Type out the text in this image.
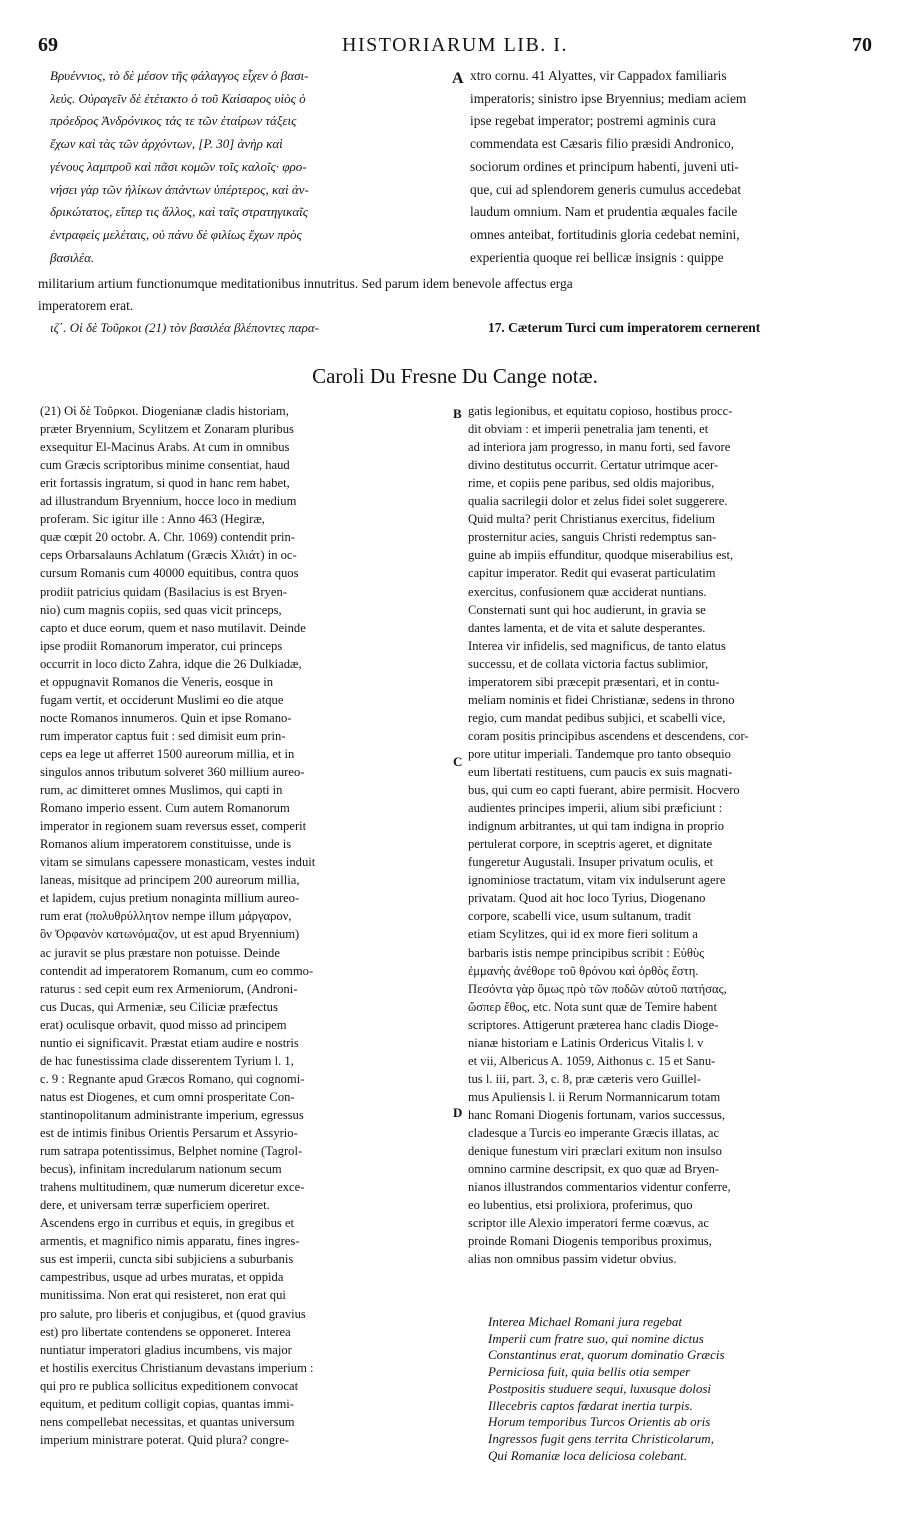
69	HISTORIARUM LIB. I.	70
Βρυέννιος, τὸ δὲ μέσον τῆς φάλαγγος εἶχεν ὁ βασι-
λεύς. Οὐραγεῖν δὲ ἐτέτακτο ὁ τοῦ Καίσαρος υἱὸς ὁ
πρόεδρος Ἀνδρόνικος τάς τε τῶν ἑταίρων τάξεις
ἔχων καὶ τὰς τῶν ἀρχόντων, [P. 30] ἀνὴρ καὶ
γένους λαμπροῦ καὶ πᾶσι κομῶν τοῖς καλοῖς· φρο-
νήσει γὰρ τῶν ἡλίκων ἁπάντων ὑπέρτερος, καὶ ἀν-
δρικώτατος, εἴπερ τις ἄλλος, καὶ ταῖς στρατηγικαῖς
ἐντραφεὶς μελέταις, οὐ πάνυ δὲ φιλίως ἔχων πρὸς
βασιλέα.
xtro cornu. 41 Alyattes, vir Cappadox familiaris
imperatoris; sinistro ipse Bryennius; mediam aciem
ipse regebat imperator; postremi agminis cura
commendata est Cæsaris filio præsidi Andronico,
sociorum ordines et principum habenti, juveni uti-
que, cui ad splendorem generis cumulus accedebat
laudum omnium. Nam et prudentia æquales facile
omnes anteibat, fortitudinis gloria cedebat nemini,
experientia quoque rei bellicæ insignis : quippe
militarium artium functionumque meditationibus innutritus. Sed parum idem benevole affectus erga
imperatorem erat.
A
B
C
D
ιζ΄. Οἱ δὲ Τοῦρκοι (21) τὸν βασιλέα βλέποντες παρα-	17. Cæterum Turci cum imperatorem cernerent
Caroli Du Fresne Du Cange notæ.
(21) Οἱ δὲ Τοῦρκοι. Diogenianæ cladis historiam,
præter Bryennium, Scylitzem et Zonaram pluribus
exsequitur El-Macinus Arabs. At cum in omnibus
cum Græcis scriptoribus minime consentiat, haud
erit fortassis ingratum, si quod in hanc rem habet,
ad illustrandum Bryennium, hocce loco in medium
proferam. Sic igitur ille : Anno 463 (Hegiræ,
quæ cœpit 20 octobr. A. Chr. 1069) contendit prin-
ceps Orbarsalauns Achlatum (Græcis Χλιάτ) in oc-
cursum Romanis cum 40000 equitibus, contra quos
prodiit patricius quidam (Basilacius is est Bryen-
nio) cum magnis copiis, sed quas vicit princeps,
capto et duce eorum, quem et naso mutilavit. Deinde
ipse prodiit Romanorum imperator, cui princeps
occurrit in loco dicto Zahra, idque die 26 Dulkiadæ,
et oppugnavit Romanos die Veneris, eosque in
fugam vertit, et occiderunt Muslimi eo die atque
nocte Romanos innumeros. Quin et ipse Romano-
rum imperator captus fuit : sed dimisit eum prin-
ceps ea lege ut afferret 1500 aureorum millia, et in
singulos annos tributum solveret 360 millium aureo-
rum, ac dimitteret omnes Muslimos, qui capti in
Romano imperio essent. Cum autem Romanorum
imperator in regionem suam reversus esset, comperit
Romanos alium imperatorem constituisse, unde is
vitam se simulans capessere monasticam, vestes induit
laneas, misitque ad principem 200 aureorum millia,
et lapidem, cujus pretium nonaginta millium aureo-
rum erat (πολυθρύλλητον nempe illum μάργαρον,
ὃν Ὀρφανὸν κατωνόμαζον, ut est apud Bryennium)
ac juravit se plus præstare non potuisse. Deinde
contendit ad imperatorem Romanum, cum eo commo-
raturus : sed cepit eum rex Armeniorum, (Androni-
cus Ducas, qui Armeniæ, seu Ciliciæ præfectus
erat) oculisque orbavit, quod misso ad principem
nuntio ei significavit. Præstat etiam audire e nostris
de hac funestissima clade disserentem Tyrium l. 1,
c. 9 : Regnante apud Græcos Romano, qui cognomi-
natus est Diogenes, et cum omni prosperitate Con-
stantinopolitanum administrante imperium, egressus
est de intimis finibus Orientis Persarum et Assyrio-
rum satrapa potentissimus, Belphet nomine (Tagrol-
becus), infinitam incredularum nationum secum
trahens multitudinem, quæ numerum diceretur exce-
dere, et universam terræ superficiem operiret.
Ascendens ergo in curribus et equis, in gregibus et
armentis, et magnifico nimis apparatu, fines ingres-
sus est imperii, cuncta sibi subjiciens a suburbanis
campestribus, usque ad urbes muratas, et oppida
munitissima. Non erat qui resisteret, non erat qui
pro salute, pro liberis et conjugibus, et (quod gravius
est) pro libertate contendens se opponeret. Interea
nuntiatur imperatori gladius incumbens, vis major
et hostilis exercitus Christianum devastans imperium :
qui pro re publica sollicitus expeditionem convocat
equitum, et peditum colligit copias, quantas immi-
nens compellebat necessitas, et quantas universum
imperium ministrare poterat. Quid plura? congre-
gatis legionibus, et equitatu copioso, hostibus procc-
dit obviam : et imperii penetralia jam tenenti, et
ad interiora jam progresso, in manu forti, sed favore
divino destitutus occurrit. Certatur utrimque acer-
rime, et copiis pene paribus, sed oldis majoribus,
qualia sacrilegii dolor et zelus fidei solet suggerere.
Quid multa? perit Christianus exercitus, fidelium
prosternitur acies, sanguis Christi redemptus san-
guine ab impiis effunditur, quodque miserabilius est,
capitur imperator. Redit qui evaserat particulatim
exercitus, confusionem quæ acciderat nuntians.
Consternati sunt qui hoc audierunt, in gravia se
dantes lamenta, et de vita et salute desperantes.
Interea vir infidelis, sed magnificus, de tanto elatus
successu, et de collata victoria factus sublimior,
imperatorem sibi præcepit præsentari, et in contu-
meliam nominis et fidei Christianæ, sedens in throno
regio, cum mandat pedibus subjici, et scabelli vice,
coram positis principibus ascendens et descendens, cor-
pore utitur imperiali. Tandemque pro tanto obsequio
eum libertati restituens, cum paucis ex suis magnati-
bus, qui cum eo capti fuerant, abire permisit. Hocvero
audientes principes imperii, alium sibi præficiunt :
indignum arbitrantes, ut qui tam indigna in proprio
pertulerat corpore, in sceptris ageret, et dignitate
fungeretur Augustali. Insuper privatum oculis, et
ignominiose tractatum, vitam vix indulserunt agere
privatam. Quod ait hoc loco Tyrius, Diogenano
corpore, scabelli vice, usum sultanum, tradit
etiam Scylitzes, qui id ex more fieri solitum a
barbaris istis nempe principibus scribit : Εὐθὺς
ἐμμανὴς ἀνέθορε τοῦ θρόνου καὶ ὀρθὸς ἔστη.
Πεσόντα γὰρ ὅμως πρὸ τῶν ποδῶν αὐτοῦ πατήσας,
ὥσπερ ἔθος, etc. Nota sunt quæ de Temire habent
scriptores. Attigerunt præterea hanc cladis Dioge-
nianæ historiam e Latinis Ordericus Vitalis l. v
et vii, Albericus A. 1059, Aithonus c. 15 et Sanu-
tus l. iii, part. 3, c. 8, præ cæteris vero Guillel-
mus Apuliensis l. ii Rerum Normannicarum totam
hanc Romani Diogenis fortunam, varios successus,
cladesque a Turcis eo imperante Græcis illatas, ac
denique funestum viri præclari exitum non insulso
omnino carmine descripsit, ex quo quæ ad Bryen-
nianos illustrandos commentarios videntur conferre,
eo lubentius, etsi prolixiora, proferimus, quo
scriptor ille Alexio imperatori ferme coævus, ac
proinde Romani Diogenis temporibus proximus,
alias non omnibus passim videtur obvius.
Interea Michael Romani jura regebat
Imperii cum fratre suo, qui nomine dictus
Constantinus erat, quorum dominatio Græcis
Perniciosa fuit, quia bellis otia semper
Postpositis studuere sequi, luxusque dolosi
Illecebris captos fœdarat inertia turpis.
Horum temporibus Turcos Orientis ab oris
Ingressos fugit gens territa Christicolarum,
Qui Romaniæ loca deliciosa colebant.
